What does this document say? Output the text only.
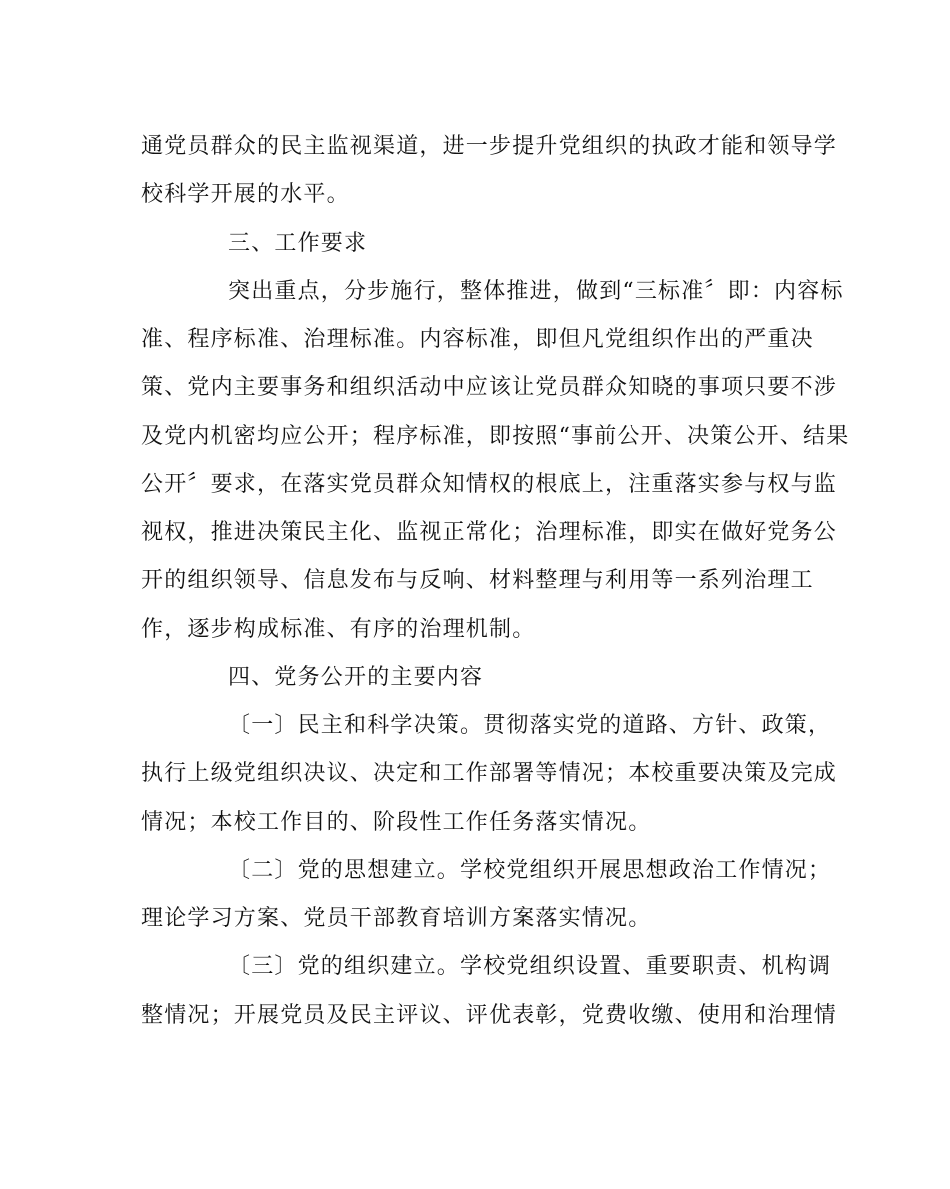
通党员群众的民主监视渠道，进一步提升党组织的执政才能和领导学
校科学开展的水平。
三、工作要求
突出重点，分步施行，整体推进，做到“三标准〞即：内容标
准、程序标准、治理标准。内容标准，即但凡党组织作出的严重决
策、党内主要事务和组织活动中应该让党员群众知晓的事项只要不涉
及党内机密均应公开；程序标准，即按照“事前公开、决策公开、结果
公开〞要求，在落实党员群众知情权的根底上，注重落实参与权与监
视权，推进决策民主化、监视正常化；治理标准，即实在做好党务公
开的组织领导、信息发布与反响、材料整理与利用等一系列治理工
作，逐步构成标准、有序的治理机制。
四、党务公开的主要内容
〔一〕民主和科学决策。贯彻落实党的道路、方针、政策，
执行上级党组织决议、决定和工作部署等情况；本校重要决策及完成
情况；本校工作目的、阶段性工作任务落实情况。
〔二〕党的思想建立。学校党组织开展思想政治工作情况；
理论学习方案、党员干部教育培训方案落实情况。
〔三〕党的组织建立。学校党组织设置、重要职责、机构调
整情况；开展党员及民主评议、评优表彰，党费收缴、使用和治理情
